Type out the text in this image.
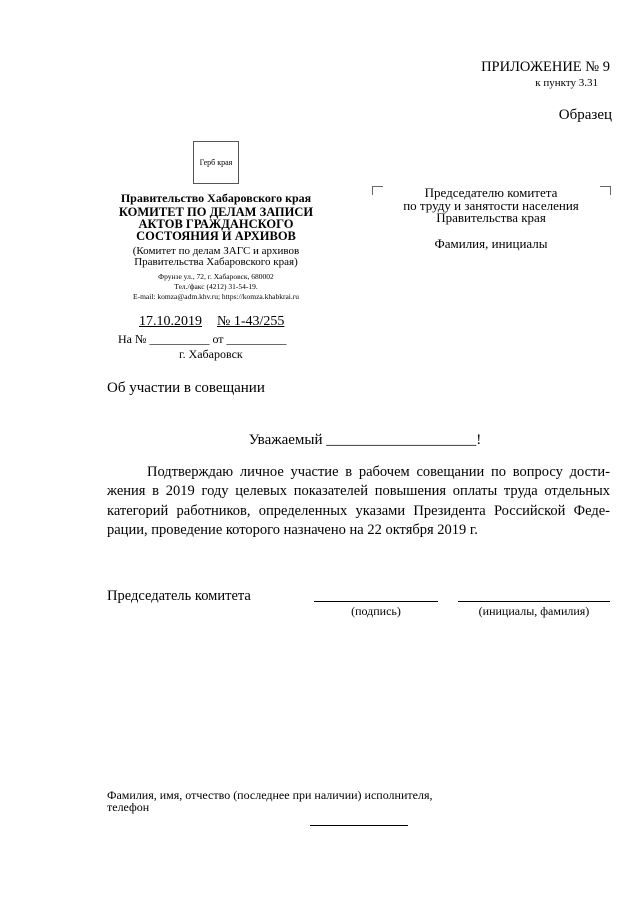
ПРИЛОЖЕНИЕ № 9
к пункту 3.31
Образец
Герб края
Правительство Хабаровского края
КОМИТЕТ ПО ДЕЛАМ ЗАПИСИ АКТОВ ГРАЖДАНСКОГО СОСТОЯНИЯ И АРХИВОВ
(Комитет по делам ЗАГС и архивов Правительства Хабаровского края)
Фрунзе ул., 72, г. Хабаровск, 680002
Тел./факс (4212) 31-54-19.
E-mail: komza@adm.khv.ru; https://komza.khabkrai.ru
17.10.2019 № 1-43/255
На № __________ от __________
г. Хабаровск
Председателю комитета
по труду и занятости населения
Правительства края
Фамилия, инициалы
Об участии в совещании
Уважаемый ____________________!
Подтверждаю личное участие в рабочем совещании по вопросу достижения в 2019 году целевых показателей повышения оплаты труда отдельных категорий работников, определенных указами Президента Российской Федерации, проведение которого назначено на 22 октября 2019 г.
Председатель комитета
(подпись)	(инициалы, фамилия)
Фамилия, имя, отчество (последнее при наличии) исполнителя,
телефон
